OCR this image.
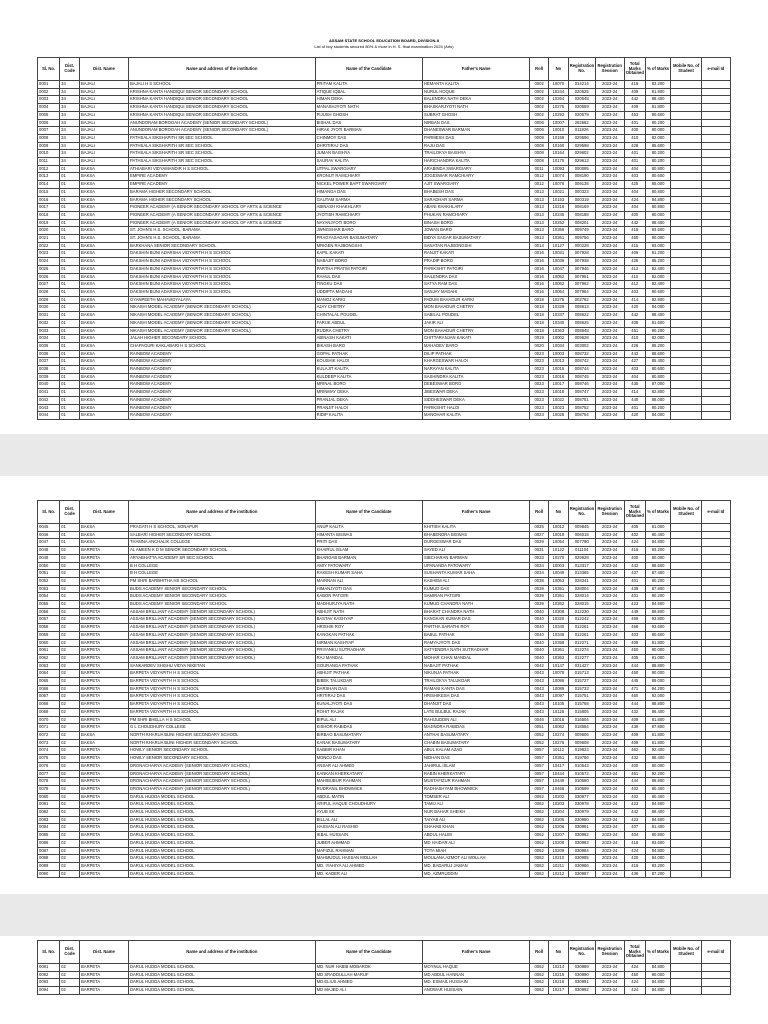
ASSAM STATE SCHOOL EDUCATION BOARD, DIVISION-II
List of boy students secured 80% & more in H. S. final examination 2025 (Arts)
Sl. No.	Dist. Code	Dist. Name	Name and address of the institution	Name of the Candidate	Father's Name	Roll	No	Registration No.	Registration Session	Total Marks Obtained	% of Marks	Mobile No. of Student	e-mail Id
0001	34	BAJALI	BAJALI H S SCHOOL	PRITAM KALITA	HEMANTA KALITA	0002	10070	014214	2023-24	416	83.200		
0002	34	BAJALI	KRISHNA KANTA HANDIQUI SENIOR SECONDARY SCHOOL	ATIQUE IQBAL	NURUL HOQUE	0002	10244	020525	2023-24	409	81.800		
0003	34	BAJALI	KRISHNA KANTA HANDIQUI SENIOR SECONDARY SCHOOL	HIMAN DEKA	BALENDRA NATH DEKA	0002	10264	020548	2023-24	442	88.400		
0004	34	BAJALI	KRISHNA KANTA HANDIQUI SENIOR SECONDARY SCHOOL	MANASHJYOTI NATH	BHASKARJYOTI NATH	0002	10275	020559	2023-24	409	81.800		
0005	34	BAJALI	KRISHNA KANTA HANDIQUI SENIOR SECONDARY SCHOOL	PIJUSH GHOSH	SUBRAT GHOSH	0002	10292	020579	2023-24	453	90.600		
0006	34	BAJALI	ANUNDORAM BOROOAH ACADEMY (SENIOR SECONDARY SCHOOL)	BISHAL DAS	NIRBAN DAS	0006	10007	262682	2023-24	401	80.200		
0007	34	BAJALI	ANUNDORAM BOROOAH ACADEMY (SENIOR SECONDARY SCHOOL)	HIRAK JYOTI BARMAN	DHANESWAR BARMAN	0006	10010	011826	2023-24	400	80.000		
0008	34	BAJALI	PATHSALA SIKSHAPITH SR SEC SCHOOL	CHINMOY DAS	PARMESH DAS	0008	10159	029596	2023-24	410	82.000		
0009	34	BAJALI	PATHSALA SIKSHAPITH SR SEC SCHOOL	DHRITIRAJ DAS	RAJU DAS	0008	10160	029598	2023-24	428	85.600		
0010	34	BAJALI	PATHSALA SIKSHAPITH SR SEC SCHOOL	JUMAN BAISHYA	TRAILOKYA BAISHYA	0008	10164	029602	2023-24	401	80.200		
0011	34	BAJALI	PATHSALA SIKSHAPITH SR SEC SCHOOL	SAURAV KALITA	HARICHANDRA KALITA	0008	10175	029613	2023-24	401	80.200		
0012	01	BAKSA	ATHIABARI VIDYAMANDIR H S SCHOOL	UTPAL SWARGIARY	ARABINDA SWARGIARY	0011	10093	000095	2023-24	404	80.800		
0013	01	BAKSA	EMPIRE ACADEMY	KRONUT RAMCHIARY	JOGESWAR RAMCHIARY	0012	10074	008190	2023-24	403	80.600		
0014	01	BAKSA	EMPIRE ACADEMY	NICKEL POWER BAPT SWARGIARY	AJIT SWARGIARY	0012	10076	009138	2023-24	425	85.000		
0015	01	BAKSA	BARAMA HIGHER SECONDARY SCHOOL	HIMANGA DAS	BHABESH DAS	0013	10021	000323	2023-24	404	80.800		
0016	01	BAKSA	BARAMA HIGHER SECONDARY SCHOOL	GAUTAM SARMA	SARADHAR SARMA	0013	10153	000319	2023-24	424	84.800		
0017	01	BAKSA	PIONEER ACADEMY (A SENIOR SECONDARY SCHOOL OF ARTS & SCIENCE	ABINASH KHAKHLARY	ABANI KHAKHLARY	0013	10216	008169	2023-24	404	80.800		
0018	01	BAKSA	PIONEER ACADEMY (A SENIOR SECONDARY SCHOOL OF ARTS & SCIENCE	JYOTISH RAMCHIARY	PHUKAN RAMCHIARY	0013	10245	008188	2023-24	400	80.000		
0019	01	BAKSA	PIONEER ACADEMY (A SENIOR SECONDARY SCHOOL OF ARTS & SCIENCE	NAYANJYOTI BORO	BINASH BORO	0013	10252	008201	2023-24	442	88.400		
0020	01	BAKSA	ST. JOHN'S H.S. SCHOOL, BARAMA	JWNGSHAR BARO	JOWAN BARO	0013	10356	009749	2023-24	418	83.600		
0021	01	BAKSA	ST. JOHN'S H.S. SCHOOL, BARAMA	PRAGYASAGAR BASUMATARY	BIDYA SAGAR BASUMATARY	0013	10361	009756	2023-24	450	90.000		
0022	01	BAKSA	BARKHANA SENIOR SECONDARY SCHOOL	MRIGEN RAJBONGSHI	SANATAN RAJBONGSHI	0014	10127	000228	2023-24	415	83.000		
0023	01	BAKSA	DAKSHIN BIJNI ADARSHA VIDYAPITH H S SCHOOL	KAPIL KAKATI	RANJIT KAKATI	0016	10031	007928	2023-24	406	81.200		
0024	01	BAKSA	DAKSHIN BIJNI ADARSHA VIDYAPITH H S SCHOOL	NABAJIT BORO	PRADIP BORO	0016	10039	007938	2023-24	426	85.200		
0025	01	BAKSA	DAKSHIN BIJNI ADARSHA VIDYAPITH H S SCHOOL	PARTHA PRATIM PATGIRI	PARIKSHIT PATGIRI	0016	10047	007946	2023-24	412	82.400		
0026	01	BAKSA	DAKSHIN BIJNI ADARSHA VIDYAPITH H S SCHOOL	RAHUL DAS	SAILENDRA DAS	0016	10052	007951	2023-24	410	82.000		
0027	01	BAKSA	DAKSHIN BIJNI ADARSHA VIDYAPITH H S SCHOOL	TINGKU DAS	SATYA RAM DAS	0016	10062	007962	2023-24	412	82.400		
0028	01	BAKSA	DAKSHIN BIJNI ADARSHA VIDYAPITH H S SCHOOL	UDDIPTA MADAHI	SANJAY MADAHI	0016	10064	007964	2023-24	403	80.600		
0029	01	BAKSA	GYANPEETH MAHAVIDYALAYA	MANOJ KARKI	PADUM BAHADUR KARKI	0018	10275	002782	2023-24	414	82.800		
0030	01	BAKSA	NIKASHI MODEL ACADEMY (SENIOR SECONDARY SCHOOL)	AJAY CHETRY	MON BAHADUR CHETRY	0018	10329	008613	2023-24	420	84.000		
0031	01	BAKSA	NIKASHI MODEL ACADEMY (SENIOR SECONDARY SCHOOL)	CHINTALAL POUDEL	SABILAL POUDEL	0018	10337	008622	2023-24	442	88.400		
0032	01	BAKSA	NIKASHI MODEL ACADEMY (SENIOR SECONDARY SCHOOL)	FARUK ABDUL	JAKIR ALI	0018	10340	008625	2023-24	408	81.600		
0033	01	BAKSA	NIKASHI MODEL ACADEMY (SENIOR SECONDARY SCHOOL)	RUDRA CHETRY	MON BAHADUR CHETRY	0018	10363	008648	2023-24	451	90.200		
0034	01	BAKSA	JALAH HIGHER SECONDARY SCHOOL	ABINASH KAKATI	CHITTARANJAN KAKATI	0019	10002	009628	2023-24	410	82.000		
0035	01	BAKSA	CHAPAGURI KAKLABARI H S SCHOOL	BIKASH BARO	MAHADEV BARO	0020	10034	003002	2023-24	426	85.200		
0036	01	BAKSA	RAINBOW ACADEMY	GOPAL PATHAK	DILIP PATHAK	0023	10003	008732	2023-24	443	88.600		
0037	01	BAKSA	RAINBOW ACADEMY	KOUSHIK HALOI	KHARGESWAR HALOI	0023	10013	008742	2023-24	427	85.400		
0038	01	BAKSA	RAINBOW ACADEMY	KULAJIT KALITA	NARAYAN KALITA	0023	10015	008744	2023-24	403	80.600		
0039	01	BAKSA	RAINBOW ACADEMY	KULDEEP KALITA	SASHINDRA KALITA	0023	10016	008745	2023-24	404	80.800		
0040	01	BAKSA	RAINBOW ACADEMY	MRINAL BORO	DEBESWAR BORO	0023	10017	008746	2023-24	435	87.000		
0041	01	BAKSA	RAINBOW ACADEMY	MRINMAY DEKA	JIBESWAR DEKA	0023	10018	008747	2023-24	414	82.800		
0042	01	BAKSA	RAINBOW ACADEMY	PRANJAL DEKA	SIDDHESWAR DEKA	0023	10022	008751	2023-24	440	88.000		
0043	01	BAKSA	RAINBOW ACADEMY	PRANJIT HALOI	PARIKSHIT HALOI	0023	10023	008752	2023-24	401	80.200		
0044	01	BAKSA	RAINBOW ACADEMY	RIDIP KALITA	MANOHAR KALITA	0023	10025	008754	2023-24	420	84.000		
Sl. No.	Dist. Code	Dist. Name	Name and address of the institution	Name of the Candidate	Father's Name	Roll	No	Registration No.	Registration Session	Total Marks Obtained	% of Marks	Mobile No. of Student	e-mail Id
0045	01	BAKSA	PRAGATI H S SCHOOL, SONAPUR	ANUP KALITA	KHITISH KALITA	0025	10012	009845	2023-24	405	81.000		
0046	01	BAKSA	SALBARI HIGHER SECONDARY SCHOOL	HIMANTA BISWAS	BHABENDRA BISWAS	0027	10018	006018	2023-24	402	80.400		
0047	01	BAKSA	THAMNA ANCHALIK COLLEGE	PRITI DAS	DURGESWAR DAS	0029	10054	007790	2023-24	424	84.800		
0048	02	BARPETA	AL AMEEN K D M SENIOR SECONDARY SCHOOL	KHAIRUL ISLAM	SAYED ALI	0031	10122	011104	2023-24	416	83.200		
0049	02	BARPETA	ARYABHATTA ACADEMY SR SEC SCHOOL	BHARGAB BARMAN	SIBCHARAN BARMAN	0033	10270	029928	2023-24	400	80.000		
0050	02	BARPETA	B H COLLEGE	AMIY PATOWARY	UPANANDA PATOWARY	0034	10003	013317	2023-24	443	88.600		
0051	02	BARPETA	B H COLLEGE	RAKESH KUMAR SAHA	SUSHANTA KUMAR SAHA	0034	10049	013365	2023-24	437	87.400		
0052	02	BARPETA	PM SHRI BARBHITHA HS SCHOOL	MAINNAN ALI	KASHEM ALI	0038	10053	028341	2023-24	401	80.200		
0053	02	BARPETA	BUDS ACADEMY SENIOR SECONDARY SCHOOL	HIMANJYOTI DAS	KUMUD DAS	0039	10351	028004	2023-24	439	87.800		
0054	02	BARPETA	BUDS ACADEMY SENIOR SECONDARY SCHOOL	KABON PATGIRI	SAMIRAN PATGIRI	0039	10361	028014	2023-24	401	80.200		
0055	02	BARPETA	BUDS ACADEMY SENIOR SECONDARY SCHOOL	MADHURJYA NATH	KUMUD CHANDRA NATH	0039	10362	028015	2023-24	423	84.600		
0056	02	BARPETA	ASSAM BRILLIANT ACADEMY (SENIOR SECONDARY SCHOOL)	ABHIJIT NATH	BHARAT CHANDRA NATH	0040	10308	012230	2023-24	449	89.800		
0057	02	BARPETA	ASSAM BRILLIANT ACADEMY (SENIOR SECONDARY SCHOOL)	BASTAV KASHYAP	KANGKAN KUMAR DAS	0040	10320	012242	2023-24	469	93.800		
0058	02	BARPETA	ASSAM BRILLIANT ACADEMY (SENIOR SECONDARY SCHOOL)	HRISHIK ROY	PARTHA SARATHI ROY	0040	10340	012261	2023-24	468	93.600		
0059	02	BARPETA	ASSAM BRILLIANT ACADEMY (SENIOR SECONDARY SCHOOL)	KANGKAN PATHAK	BABUL PATHAK	0040	10346	012261	2023-24	403	80.600		
0060	02	BARPETA	ASSAM BRILLIANT ACADEMY (SENIOR SECONDARY SCHOOL)	NIRMAN KASHYAP	RAMYAJYOTI DAS	0040	10358	012271	2023-24	409	81.800		
0061	02	BARPETA	ASSAM BRILLIANT ACADEMY (SENIOR SECONDARY SCHOOL)	PRIYANKU SUTRADHAR	SATYENDRA NATH SUTRADHAR	0040	10361	012274	2023-24	450	90.000		
0062	02	BARPETA	ASSAM BRILLIANT ACADEMY (SENIOR SECONDARY SCHOOL)	RAJ MANDAL	MOHAR CHAN MANDAL	0040	10363	012277	2023-24	405	81.000		
0063	02	BARPETA	SANKARDEV SHISHU VIDYA NIKETAN	GOURANGA PATHAK	NABAJIT PATHAK	0042	10147	031427	2023-24	444	88.800		
0064	02	BARPETA	BARPETA VIDYAPITH H S SCHOOL	ABHIJIT PATHAK	NIKUNJA PATHAK	0043	10078	015713	2023-24	450	90.000		
0065	02	BARPETA	BARPETA VIDYAPITH H S SCHOOL	BIBEK TALUKDAR	TRAILOKYA TALUKDAR	0043	10086	015727	2023-24	445	89.000		
0066	02	BARPETA	BARPETA VIDYAPITH H S SCHOOL	DARSHAN DAS	RAMANI KANTA DAS	0043	10089	015733	2023-24	471	94.200		
0067	02	BARPETA	BARPETA VIDYAPITH H S SCHOOL	HRITIRAJ DAS	HRISHIKESH DAS	0043	10097	015751	2023-24	460	92.000		
0068	02	BARPETA	BARPETA VIDYAPITH H S SCHOOL	KUNALJYOTI DAS	DHANJIT DAS	0043	10105	015768	2023-24	444	88.800		
0069	02	BARPETA	BARPETA VIDYAPITH H S SCHOOL	ROHIT RAJAK	LATE BULBUL RAJAK	0043	10125	015805	2023-24	432	86.400		
0070	02	BARPETA	PM SHRI BHELLA H S SCHOOL	BIPUL ALI	RAHIJUDDIN ALI	0046	10016	016504	2023-24	409	81.800		
0071	02	BARPETA	G L CHOUDHURY COLLEGE	KISHOR RABIDAS	MAJINDRA RABIDAS	0051	10062	018554	2023-24	439	87.800		
0072	02	BAKSA	NORTH KHARUA BIJNI HIGHER SECONDARY SCHOOL	BIRBAO BASUMATARY	ANTHAI BASUMATARY	0052	10274	009606	2023-24	409	81.800		
0073	02	BAKSA	NORTH KHARUA BIJNI HIGHER SECONDARY SCHOOL	KANAK BASUMATARY	CHABIN BASUMATARY	0052	10276	009608	2023-24	409	81.800		
0074	02	BARPETA	HOWLY SENIOR SECONDARY SCHOOL	SABBIR KHAN	ABUL KALAM AZAD	0057	10112	019823	2023-24	462	92.400		
0075	02	BARPETA	HOWLY SENIOR SECONDARY SCHOOL	MONOJ DAS	NIDHAN DAS	0057	10351	019786	2023-24	432	86.400		
0076	02	BARPETA	DRONACHARYA ACADEMY (SENIOR SECONDARY SCHOOL)	ANSAR ALI AHMED	JAHIRUL ISLAM	0057	10417	010543	2023-24	400	80.000		
0077	02	BARPETA	DRONACHARYA ACADEMY (SENIOR SECONDARY SCHOOL)	KANKAN KHERKATARY	RABIN KHERKATARY	0057	10444	010572	2023-24	461	92.200		
0078	02	BARPETA	DRONACHARYA ACADEMY (SENIOR SECONDARY SCHOOL)	MAHIBUBUR RAHMAN	MUSTAFIZUR RAHMAN	0057	10449	010580	2023-24	444	88.800		
0079	02	BARPETA	DRONACHARYA ACADEMY (SENIOR SECONDARY SCHOOL)	RUDRANIL BHOWMICK	RADHASHYAM BHOWMICK	0057	10466	010599	2023-24	402	80.400		
0080	02	BARPETA	DARUL HUDDA MODEL SCHOOL	ABDUL MATIN	TOMSER ALI	0062	10202	030977	2023-24	402	80.400		
0081	02	BARPETA	DARUL HUDDA MODEL SCHOOL	ARIFUL HAQUE CHOUDHURY	TAMIJ ALI	0062	10203	030978	2023-24	423	84.600		
0082	02	BARPETA	DARUL HUDDA MODEL SCHOOL	AYUB SK	NUR BAHAR SHEIKH	0062	10204	030979	2023-24	442	88.400		
0083	02	BARPETA	DARUL HUDDA MODEL SCHOOL	BILLAL ALI	TAIYAB ALI	0062	10205	030980	2023-24	423	84.600		
0084	02	BARPETA	DARUL HUDDA MODEL SCHOOL	HASSAN ALI RASHID	SHAHAB KHAN	0062	10206	030981	2023-24	407	81.400		
0085	02	BARPETA	DARUL HUDDA MODEL SCHOOL	IKBAL HUSSAIN	ABDUL HALIM	0062	10207	030982	2023-24	404	80.800		
0086	02	BARPETA	DARUL HUDDA MODEL SCHOOL	JUBER AHMMAD	MD HAIDAR ALI	0062	10208	030983	2023-24	418	83.600		
0087	02	BARPETA	DARUL HUDDA MODEL SCHOOL	MAFIZUL RAHMAN	TOTA MIAH	0062	10209	030984	2023-24	424	84.800		
0088	02	BARPETA	DARUL HUDDA MODEL SCHOOL	MAHMUDUL HASSAN MOLLAH	MOULANA AZMOT ALI MOLLAH	0062	10210	030985	2023-24	420	84.000		
0089	02	BARPETA	DARUL HUDDA MODEL SCHOOL	MD. IYAHIYA ALI AHMED	MD. BADARUJ JAMAN	0062	10211	030986	2023-24	416	83.200		
0090	02	BARPETA	DARUL HUDDA MODEL SCHOOL	MD. KADER ALI	MD. AZMRUDDIN	0062	10212	030987	2023-24	436	87.200		
Sl. No.	Dist. Code	Dist. Name	Name and address of the institution	Name of the Candidate	Father's Name	Roll	No	Registration No.	Registration Session	Total Marks Obtained	% of Marks	Mobile No. of Student	e-mail Id
0091	02	BARPETA	DARUL HUDDA MODEL SCHOOL	MD. NUR HABIB MOBAROK	MOYNUL HAQUE	0062	10214	030989	2023-24	424	84.800		
0092	02	BARPETA	DARUL HUDDA MODEL SCHOOL	MD SRADDULLAH MARUF	MD ABDUL HANNAN	0062	10215	030990	2023-24	450	90.000		
0093	02	BARPETA	DARUL HUDDA MODEL SCHOOL	MD.ELIUS AHMED	MD. ESMAIL HUSSAIN	0062	10216	030991	2023-24	424	84.800		
0094	02	BARPETA	DARUL HUDDA MODEL SCHOOL	MD MAJED ALI	ANOWAR HUSSAIN	0062	10217	030992	2023-24	424	84.800		
